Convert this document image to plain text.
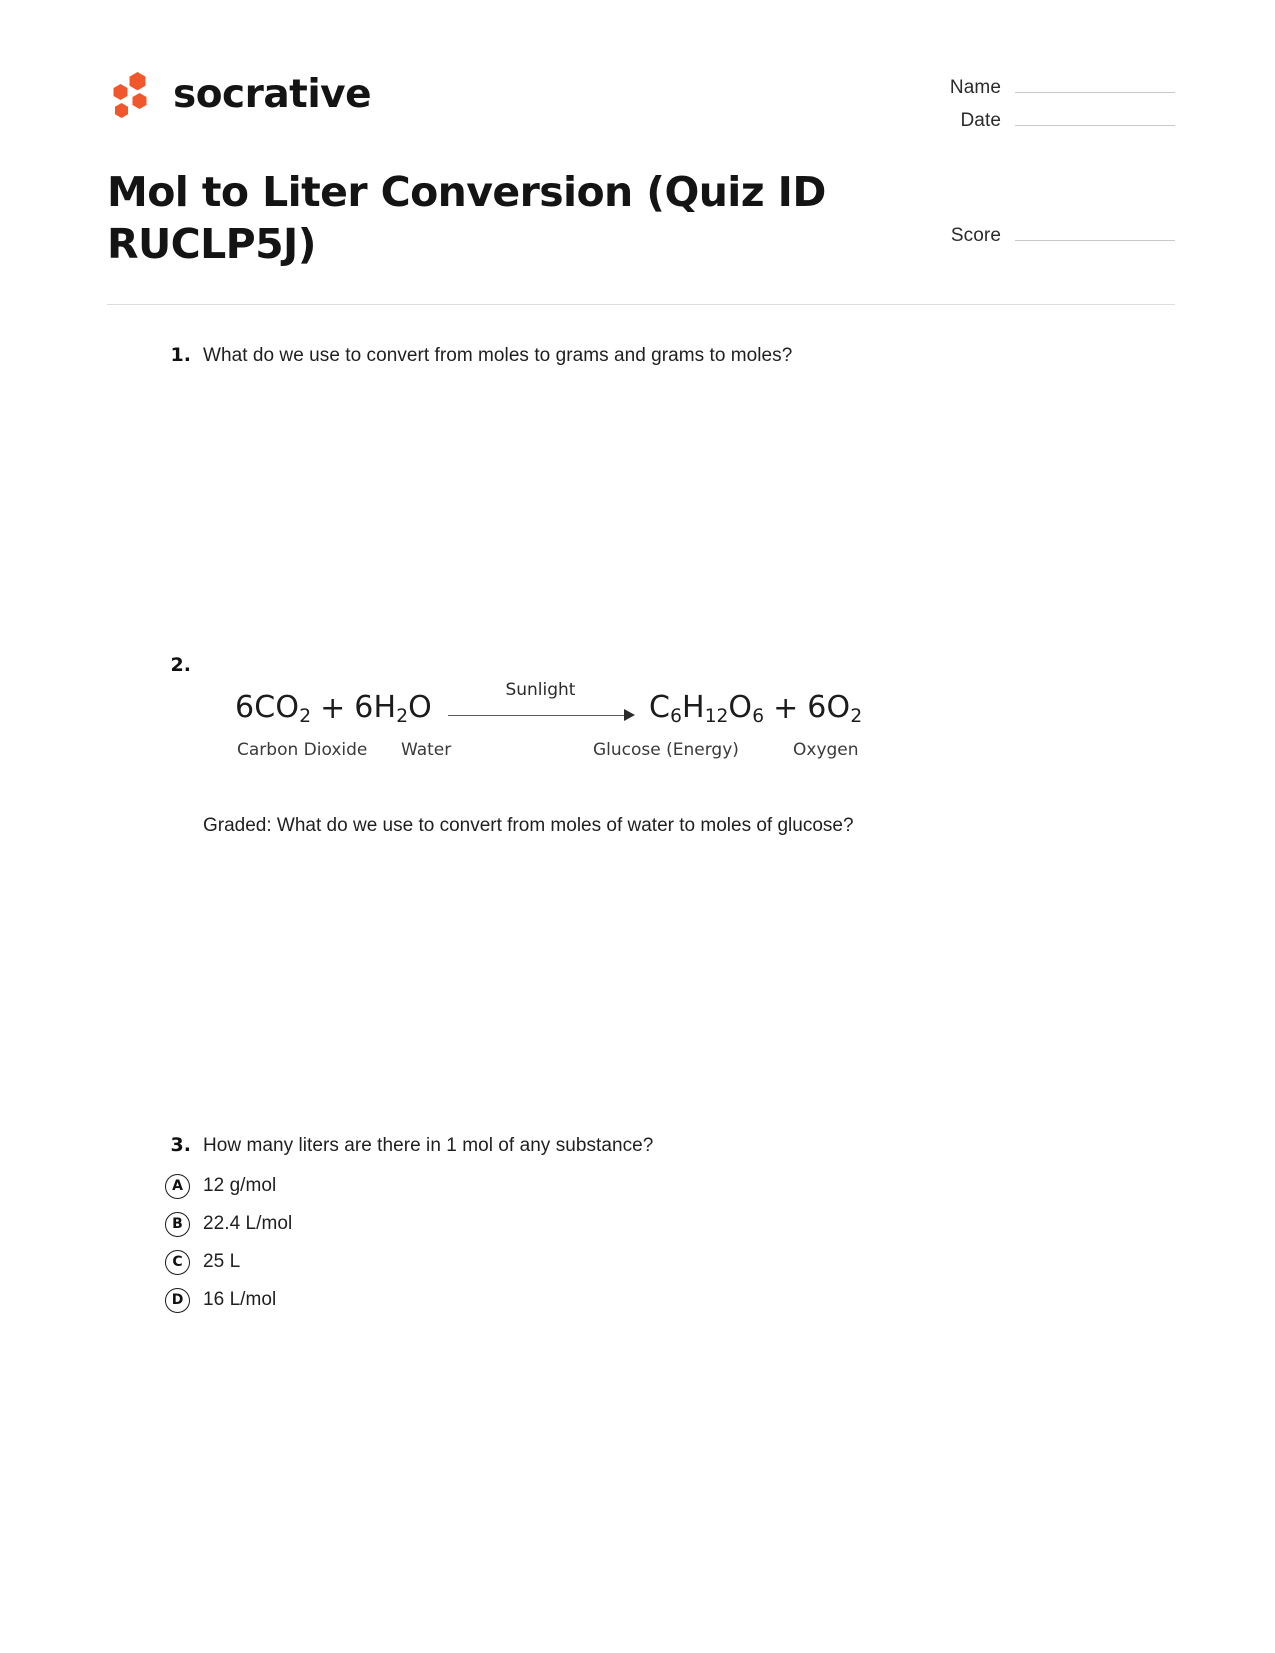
socrative	Name
Date
Mol to Liter Conversion (Quiz ID RUCLP5J)	Score
1. What do we use to convert from moles to grams and grams to moles?
2.
$6CO_2 + 6H_2O$	Sunlight $C_6H_{12}O_6 + 6O_2$
Carbon Dioxide Water	Glucose (Energy)	Oxygen
Graded: What do we use to convert from moles of water to moles of glucose?
3. How many liters are there in 1 mol of any substance?
A	12 g/mol
B	22.4 L/mol
C	25 L
D	16 L/mol
